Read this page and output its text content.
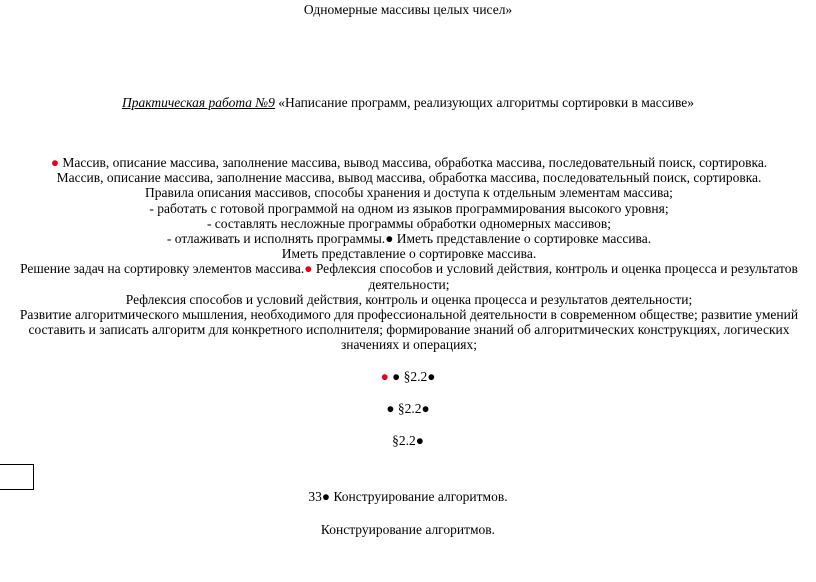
Одномерные массивы целых чисел»
Практическая работа №9 «Написание программ, реализующих алгоритмы сортировки в массиве»

● Массив, описание массива, заполнение массива, вывод массива, обработка массива, последовательный поиск, сортировка.

Массив, описание массива, заполнение массива, вывод массива, обработка массива, последовательный поиск, сортировка.

Правила описания массивов, способы хранения и доступа к отдельным элементам массива;

- работать с готовой программой на одном из языков программирования высокого уровня;

- составлять несложные программы обработки одномерных массивов;

- отлаживать и исполнять программы.● Иметь представление о сортировке массива.

Иметь представление о сортировке массива.

Решение задач на сортировку элементов массива.● Рефлексия способов и условий действия, контроль и оценка процесса и результатов деятельности;

Рефлексия способов и условий действия, контроль и оценка процесса и результатов деятельности;

Развитие алгоритмического мышления, необходимого для профессиональной деятельности в современном обществе; развитие умений составить и записать алгоритм для конкретного исполнителя; формирование знаний об алгоритмических конструкциях, логических значениях и операциях;

● ● §2.2●
● §2.2●
§2.2●
33● Конструирование алгоритмов.
Конструирование алгоритмов.
